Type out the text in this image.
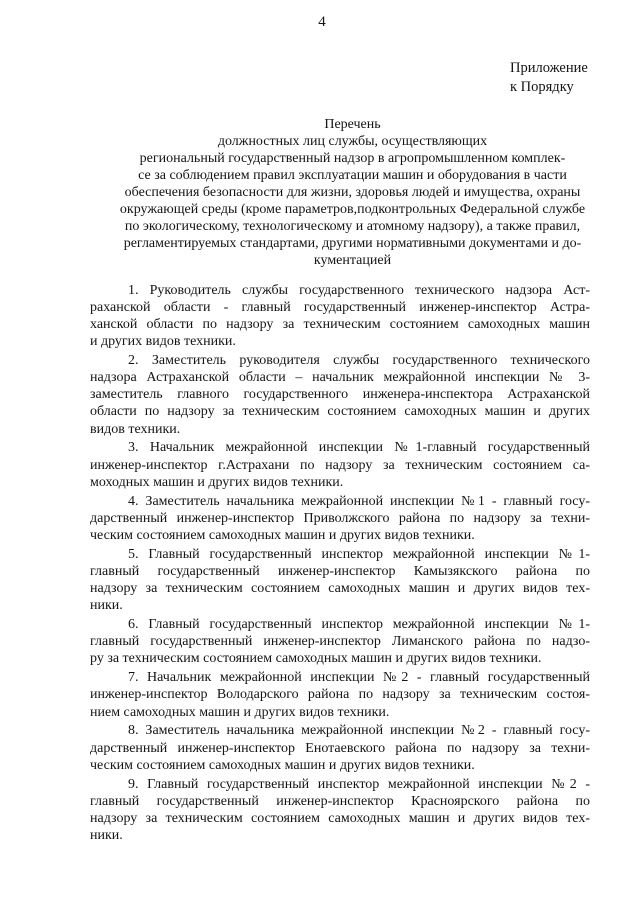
4
Приложение
к Порядку
Перечень
должностных лиц службы, осуществляющих
региональный государственный надзор в агропромышленном комплек-
се за соблюдением правил эксплуатации машин и оборудования в части
обеспечения безопасности для жизни, здоровья людей и имущества, охраны
окружающей среды (кроме параметров,подконтрольных Федеральной службе
по экологическому, технологическому и атомному надзору), а также правил,
регламентируемых стандартами, другими нормативными документами и до-
кументацией
1. Руководитель службы государственного технического надзора Аст-
раханской области - главный государственный инженер-инспектор Астра-
ханской области по надзору за техническим состоянием самоходных машин
и других видов техники.
2. Заместитель руководителя службы государственного технического
надзора Астраханской области – начальник межрайонной инспекции № 3-
заместитель главного государственного инженера-инспектора Астраханской
области по надзору за техническим состоянием самоходных машин и других
видов техники.
3. Начальник межрайонной инспекции №1-главный государственный
инженер-инспектор г.Астрахани по надзору за техническим состоянием са-
моходных машин и других видов техники.
4. Заместитель начальника межрайонной инспекции №1 - главный госу-
дарственный инженер-инспектор Приволжского района по надзору за техни-
ческим состоянием самоходных машин и других видов техники.
5. Главный государственный инспектор межрайонной инспекции №1-
главный государственный инженер-инспектор Камызякского района по
надзору за техническим состоянием самоходных машин и других видов тех-
ники.
6. Главный государственный инспектор межрайонной инспекции №1-
главный государственный инженер-инспектор Лиманского района по надзо-
ру за техническим состоянием самоходных машин и других видов техники.
7. Начальник межрайонной инспекции №2 - главный государственный
инженер-инспектор Володарского района по надзору за техническим состоя-
нием самоходных машин и других видов техники.
8. Заместитель начальника межрайонной инспекции №2 - главный госу-
дарственный инженер-инспектор Енотаевского района по надзору за техни-
ческим состоянием самоходных машин и других видов техники.
9. Главный государственный инспектор межрайонной инспекции №2 -
главный государственный инженер-инспектор Красноярского района по
надзору за техническим состоянием самоходных машин и других видов тех-
ники.
